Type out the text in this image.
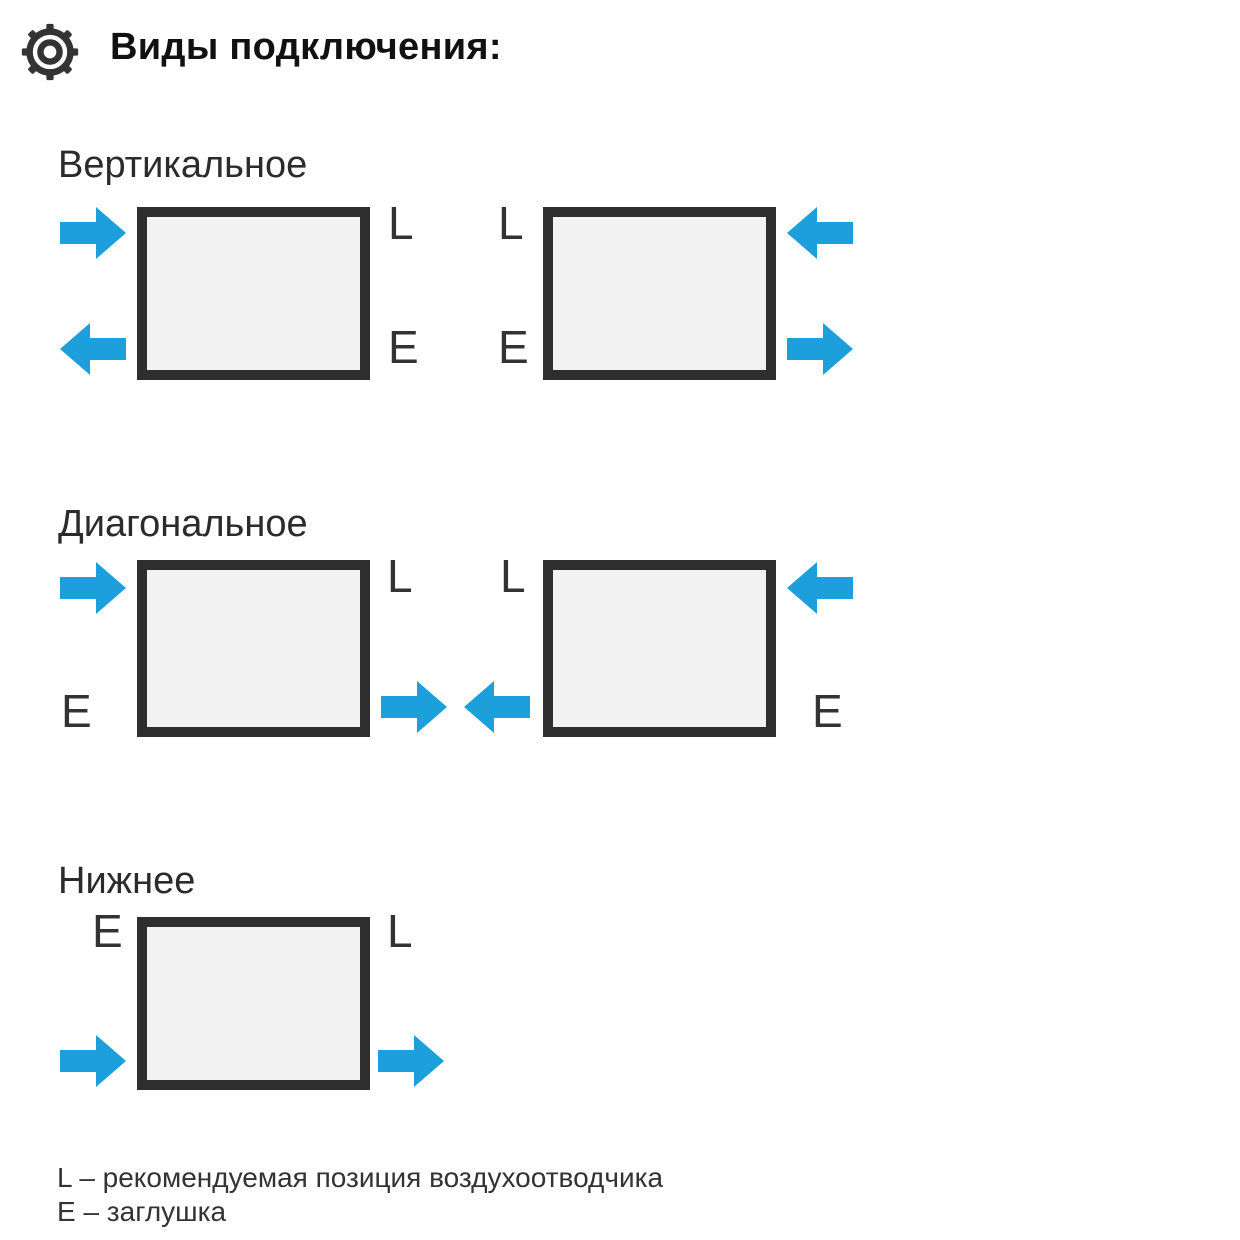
Виды подключения:
Вертикальное
L
E
L
E
Диагональное
E
L L
E
Нижнее
E	L
L – рекомендуемая позиция воздухоотводчика
E – заглушка
